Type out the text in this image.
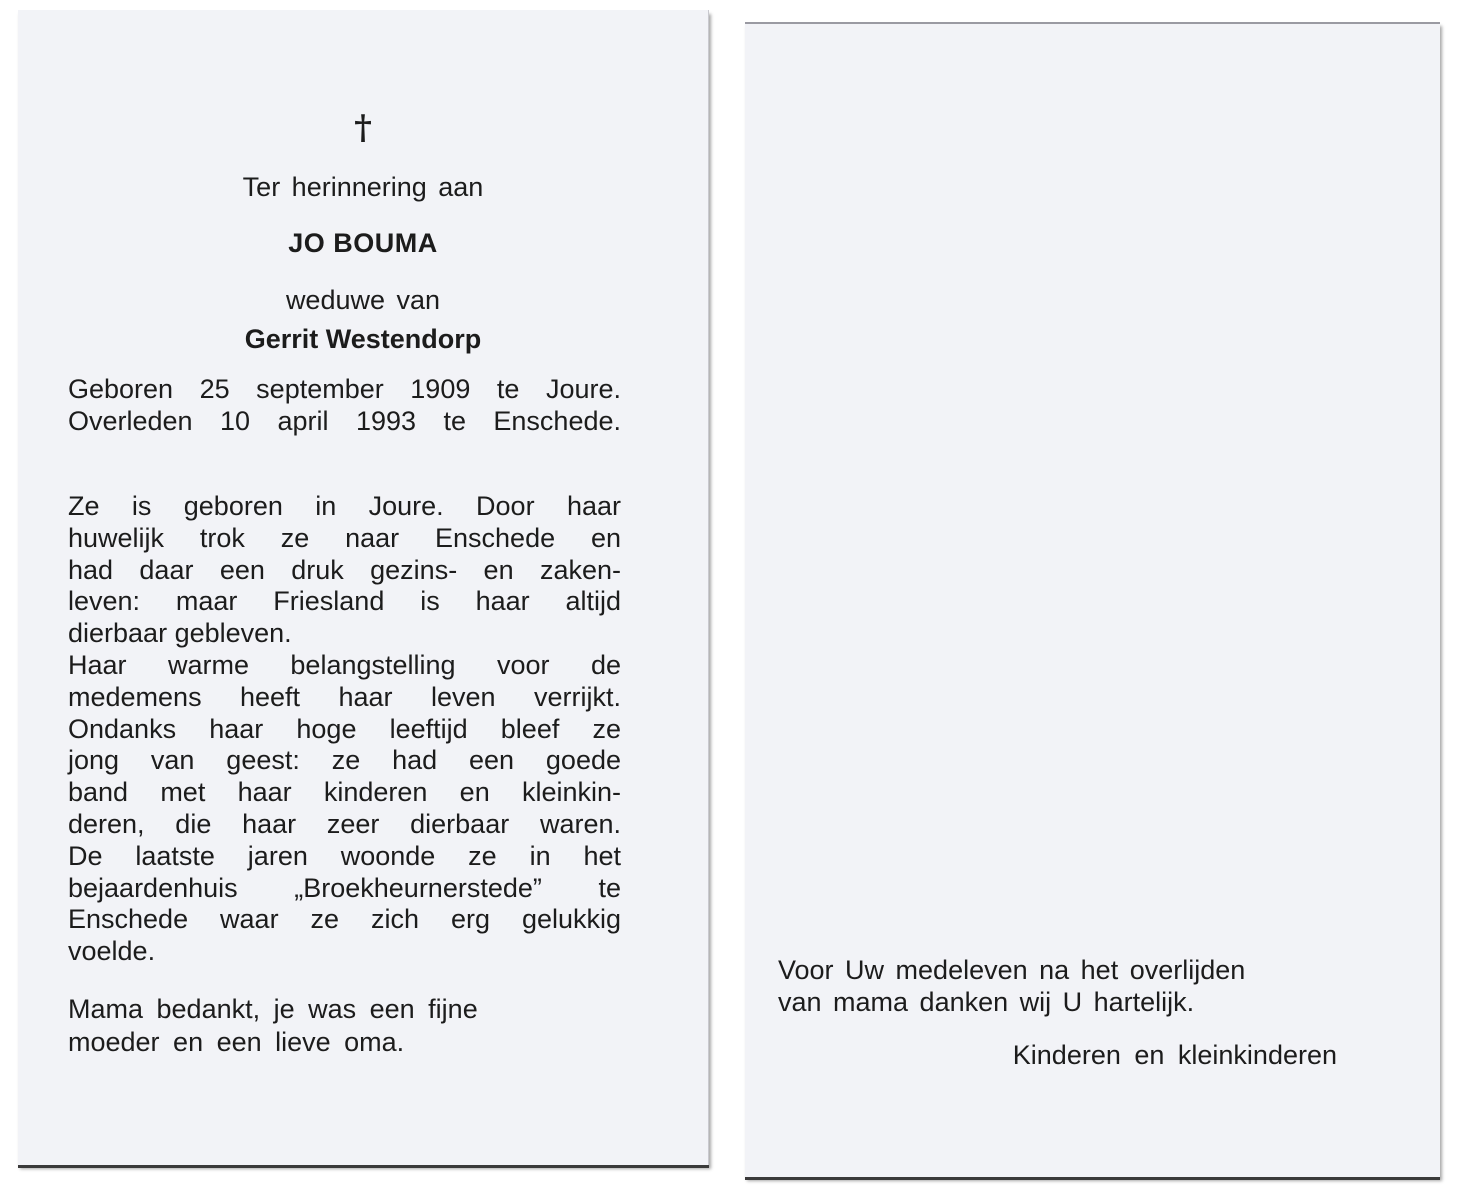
†
Ter herinnering aan
JO BOUMA
weduwe van
Gerrit Westendorp
Geboren 25 september 1909 te Joure.
Overleden 10 april 1993 te Enschede.
Ze is geboren in Joure. Door haar
huwelijk trok ze naar Enschede en
had daar een druk gezins- en zaken-
leven: maar Friesland is haar altijd
dierbaar gebleven.
Haar warme belangstelling voor de
medemens heeft haar leven verrijkt.
Ondanks haar hoge leeftijd bleef ze
jong van geest: ze had een goede
band met haar kinderen en kleinkin-
deren, die haar zeer dierbaar waren.
De laatste jaren woonde ze in het
bejaardenhuis „Broekheurnerstede” te
Enschede waar ze zich erg gelukkig
voelde.
Mama bedankt, je was een fijne
moeder en een lieve oma.
Voor Uw medeleven na het overlijden
van mama danken wij U hartelijk.
Kinderen en kleinkinderen
